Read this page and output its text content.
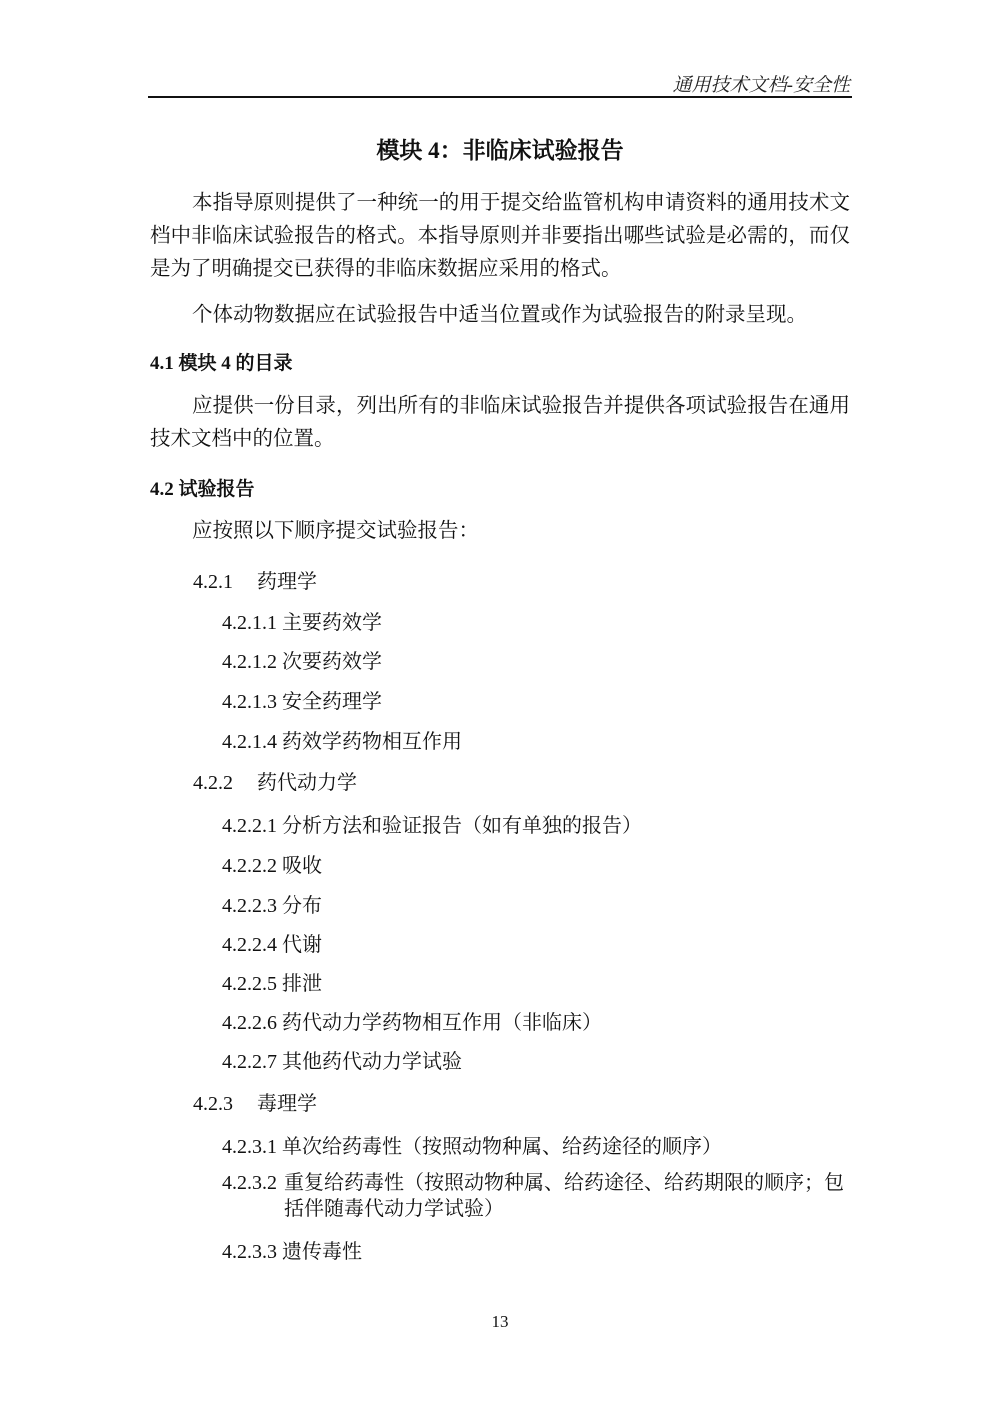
通用技术文档-安全性
模块 4：非临床试验报告
本指导原则提供了一种统一的用于提交给监管机构申请资料的通用技术文档中非临床试验报告的格式。本指导原则并非要指出哪些试验是必需的，而仅是为了明确提交已获得的非临床数据应采用的格式。
个体动物数据应在试验报告中适当位置或作为试验报告的附录呈现。
4.1 模块 4 的目录
应提供一份目录，列出所有的非临床试验报告并提供各项试验报告在通用技术文档中的位置。
4.2 试验报告
应按照以下顺序提交试验报告：
4.2.1 药理学
4.2.1.1 主要药效学
4.2.1.2 次要药效学
4.2.1.3 安全药理学
4.2.1.4 药效学药物相互作用
4.2.2 药代动力学
4.2.2.1 分析方法和验证报告（如有单独的报告）
4.2.2.2 吸收
4.2.2.3 分布
4.2.2.4 代谢
4.2.2.5 排泄
4.2.2.6 药代动力学药物相互作用（非临床）
4.2.2.7 其他药代动力学试验
4.2.3 毒理学
4.2.3.1 单次给药毒性（按照动物种属、给药途径的顺序）
4.2.3.2 重复给药毒性（按照动物种属、给药途径、给药期限的顺序；包括伴随毒代动力学试验）
4.2.3.3 遗传毒性
13
